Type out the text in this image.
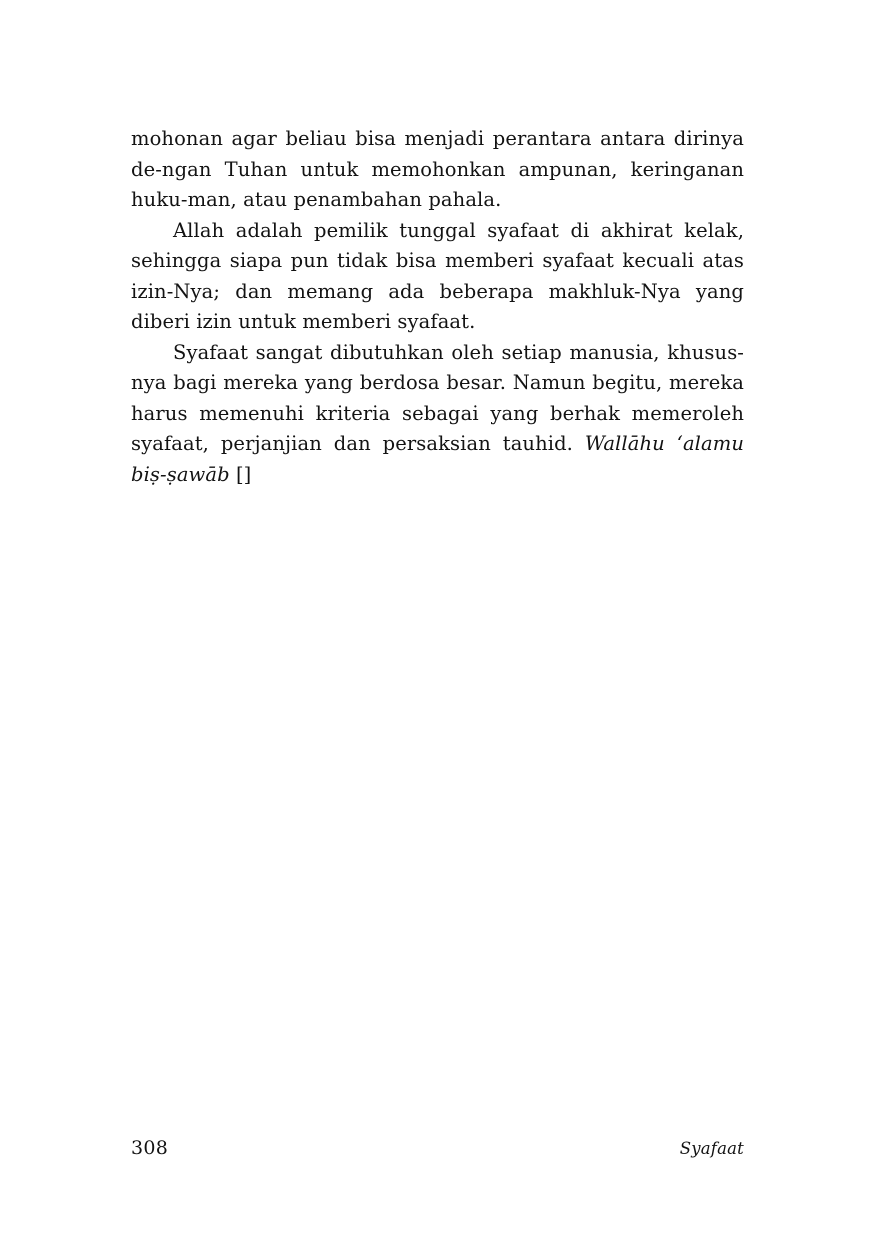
mohonan agar beliau bisa menjadi perantara antara dirinya de-ngan Tuhan untuk memohonkan ampunan, keringanan huku-man, atau penambahan pahala.

Allah adalah pemilik tunggal syafaat di akhirat kelak, sehingga siapa pun tidak bisa memberi syafaat kecuali atas izin-Nya; dan memang ada beberapa makhluk-Nya yang diberi izin untuk memberi syafaat.

Syafaat sangat dibutuhkan oleh setiap manusia, khusus-nya bagi mereka yang berdosa besar. Namun begitu, mereka harus memenuhi kriteria sebagai yang berhak memeroleh syafaat, perjanjian dan persaksian tauhid. Wallāhu ‘alamu biṣ-ṣawāb []

308	Syafaat
